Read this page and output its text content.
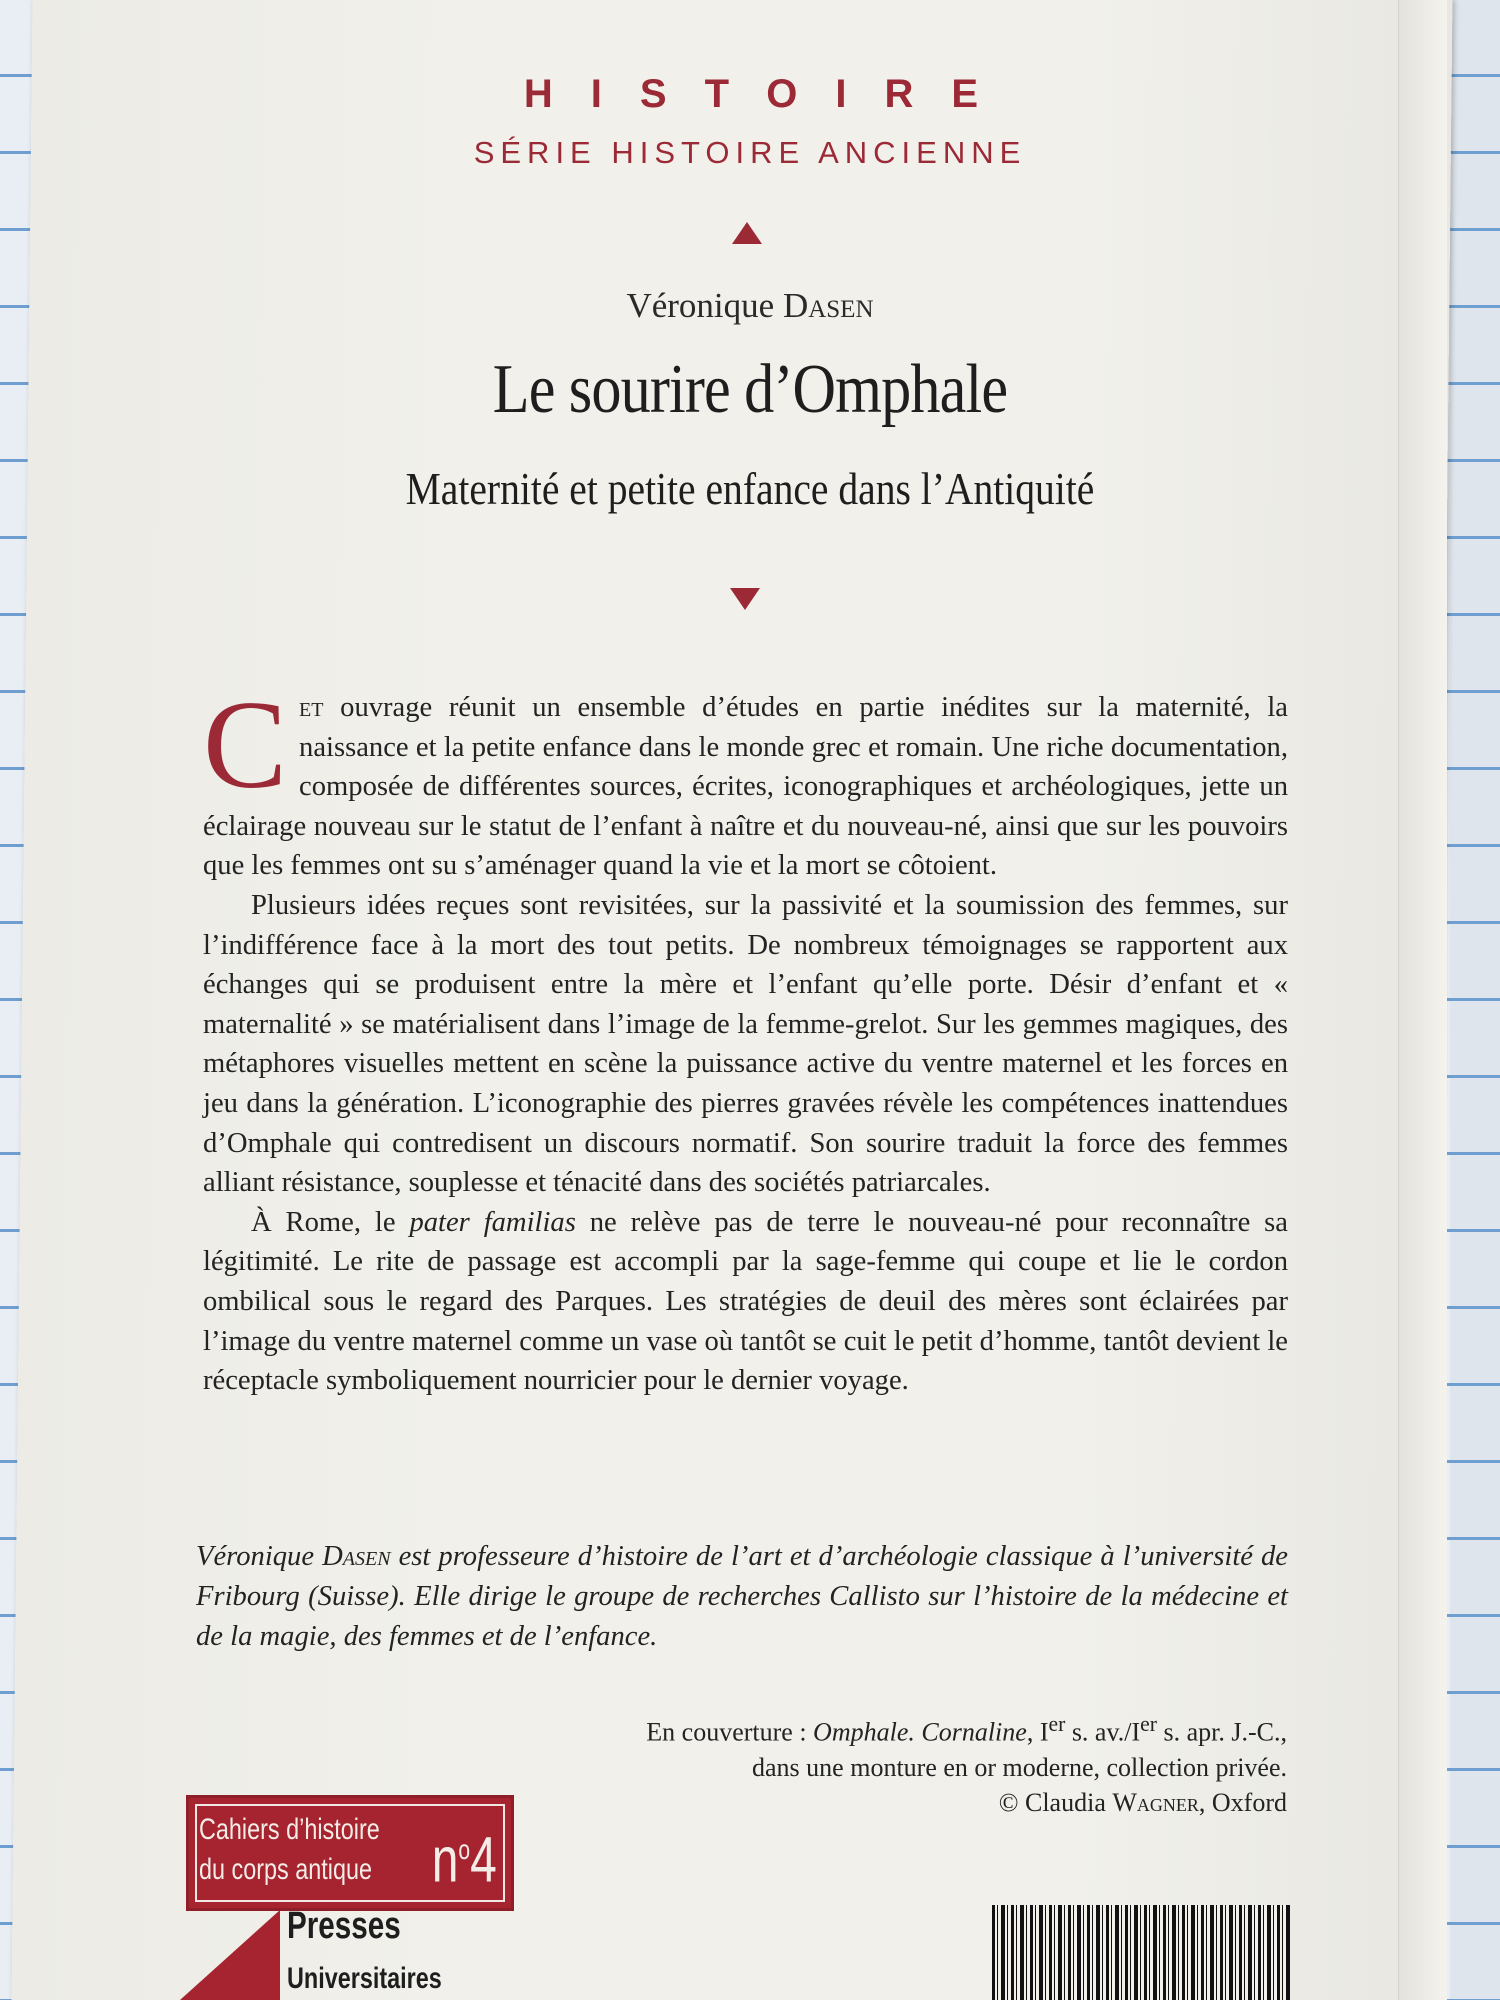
HISTOIRE
SÉRIE HISTOIRE ANCIENNE
Véronique Dasen
Le sourire d’Omphale
Maternité et petite enfance dans l’Antiquité

Cet ouvrage réunit un ensemble d’études en partie inédites sur la maternité, la naissance et la petite enfance dans le monde grec et romain. Une riche documentation, composée de différentes sources, écrites, iconographiques et archéologiques, jette un éclairage nouveau sur le statut de l’enfant à naître et du nouveau-né, ainsi que sur les pouvoirs que les femmes ont su s’aménager quand la vie et la mort se côtoient.

Plusieurs idées reçues sont revisitées, sur la passivité et la soumission des femmes, sur l’indifférence face à la mort des tout petits. De nombreux témoignages se rapportent aux échanges qui se produisent entre la mère et l’enfant qu’elle porte. Désir d’enfant et « maternalité » se matérialisent dans l’image de la femme-grelot. Sur les gemmes magiques, des métaphores visuelles mettent en scène la puissance active du ventre maternel et les forces en jeu dans la génération. L’iconographie des pierres gravées révèle les compétences inattendues d’Omphale qui contredisent un discours normatif. Son sourire traduit la force des femmes alliant résistance, souplesse et ténacité dans des sociétés patriarcales.

À Rome, le pater familias ne relève pas de terre le nouveau-né pour reconnaître sa légitimité. Le rite de passage est accompli par la sage-femme qui coupe et lie le cordon ombilical sous le regard des Parques. Les stratégies de deuil des mères sont éclairées par l’image du ventre maternel comme un vase où tantôt se cuit le petit d’homme, tantôt devient le réceptacle symboliquement nourricier pour le dernier voyage.

Véronique Dasen est professeure d’histoire de l’art et d’archéologie classique à l’université de Fribourg (Suisse). Elle dirige le groupe de recherches Callisto sur l’histoire de la médecine et de la magie, des femmes et de l’enfance.
En couverture : Omphale. Cornaline, Ier s. av./Ier s. apr. J.-C.,
dans une monture en or moderne, collection privée.
© Claudia Wagner, Oxford
Cahiers d’histoire
du corps antique $n^o4$
Presses
Universitaires
